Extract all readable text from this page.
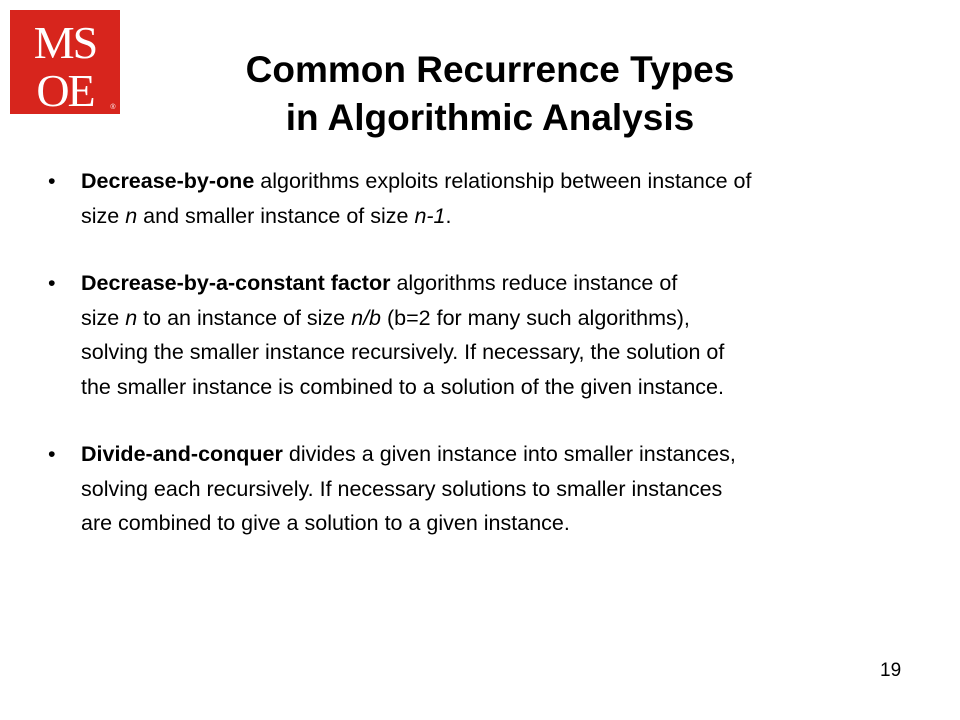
MS
OE ®
Common Recurrence Types
in Algorithmic Analysis
• Decrease-by-one algorithms exploits relationship between instance of
size n and smaller instance of size n-1.
• Decrease-by-a-constant factor algorithms reduce instance of
size n to an instance of size n/b (b=2 for many such algorithms),
solving the smaller instance recursively. If necessary, the solution of
the smaller instance is combined to a solution of the given instance.
• Divide-and-conquer divides a given instance into smaller instances,
solving each recursively. If necessary solutions to smaller instances
are combined to give a solution to a given instance.
19
